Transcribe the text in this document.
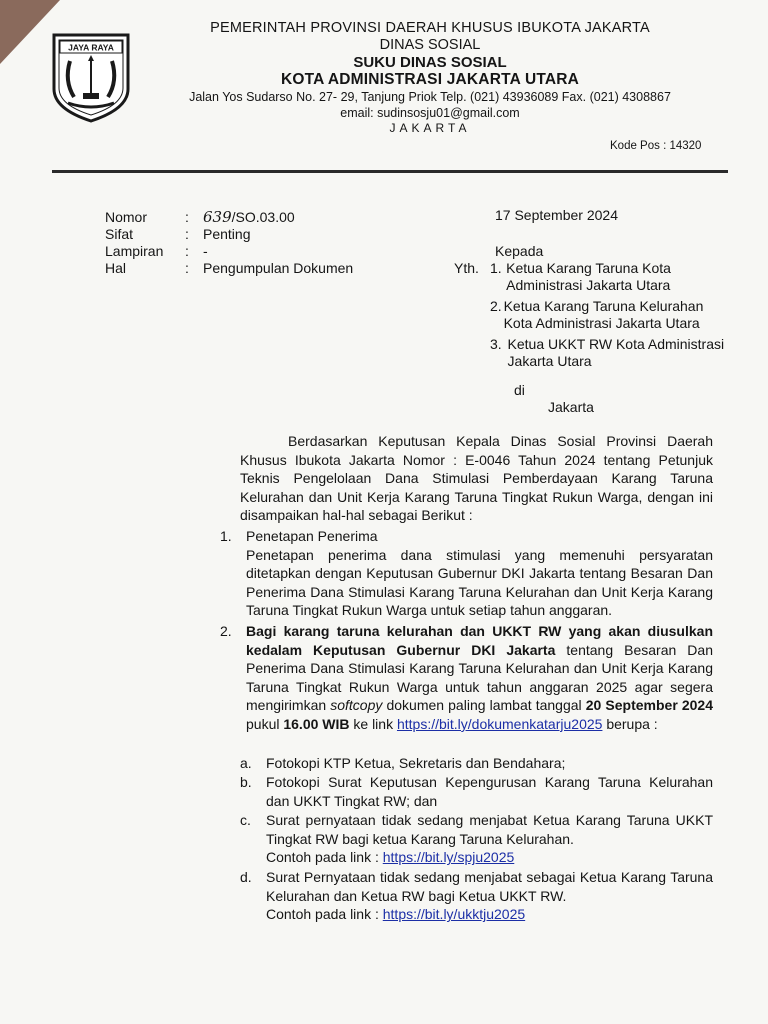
JAYA RAYA
PEMERINTAH PROVINSI DAERAH KHUSUS IBUKOTA JAKARTA
DINAS SOSIAL
SUKU DINAS SOSIAL
KOTA ADMINISTRASI JAKARTA UTARA
Jalan Yos Sudarso No. 27- 29, Tanjung Priok Telp. (021) 43936089 Fax. (021) 4308867
email: sudinsosju01@gmail.com
JAKARTA
Kode Pos : 14320
Nomor	: 639/SO.03.00
Sifat	:	Penting
Lampiran	:	-
Hal	:	Pengumpulan Dokumen
17 September 2024
Kepada
Yth. 1. Ketua Karang Taruna Kota Administrasi Jakarta Utara
2. Ketua Karang Taruna Kelurahan Kota Administrasi Jakarta Utara
3. Ketua UKKT RW Kota Administrasi Jakarta Utara
di
Jakarta
Berdasarkan Keputusan Kepala Dinas Sosial Provinsi Daerah Khusus Ibukota Jakarta Nomor : E-0046 Tahun 2024 tentang Petunjuk Teknis Pengelolaan Dana Stimulasi Pemberdayaan Karang Taruna Kelurahan dan Unit Kerja Karang Taruna Tingkat Rukun Warga, dengan ini disampaikan hal-hal sebagai Berikut :
1.	Penetapan Penerima
Penetapan penerima dana stimulasi yang memenuhi persyaratan ditetapkan dengan Keputusan Gubernur DKI Jakarta tentang Besaran Dan Penerima Dana Stimulasi Karang Taruna Kelurahan dan Unit Kerja Karang Taruna Tingkat Rukun Warga untuk setiap tahun anggaran.
2.	Bagi karang taruna kelurahan dan UKKT RW yang akan diusulkan kedalam Keputusan Gubernur DKI Jakarta tentang Besaran Dan Penerima Dana Stimulasi Karang Taruna Kelurahan dan Unit Kerja Karang Taruna Tingkat Rukun Warga untuk tahun anggaran 2025 agar segera mengirimkan softcopy dokumen paling lambat tanggal 20 September 2024 pukul 16.00 WIB ke link https://bit.ly/dokumenkatarju2025 berupa :
a.	Fotokopi KTP Ketua, Sekretaris dan Bendahara;
b.	Fotokopi Surat Keputusan Kepengurusan Karang Taruna Kelurahan dan UKKT Tingkat RW; dan
c.	Surat pernyataan tidak sedang menjabat Ketua Karang Taruna UKKT Tingkat RW bagi ketua Karang Taruna Kelurahan.
Contoh pada link : https://bit.ly/spju2025
d.	Surat Pernyataan tidak sedang menjabat sebagai Ketua Karang Taruna Kelurahan dan Ketua RW bagi Ketua UKKT RW.
Contoh pada link : https://bit.ly/ukktju2025
